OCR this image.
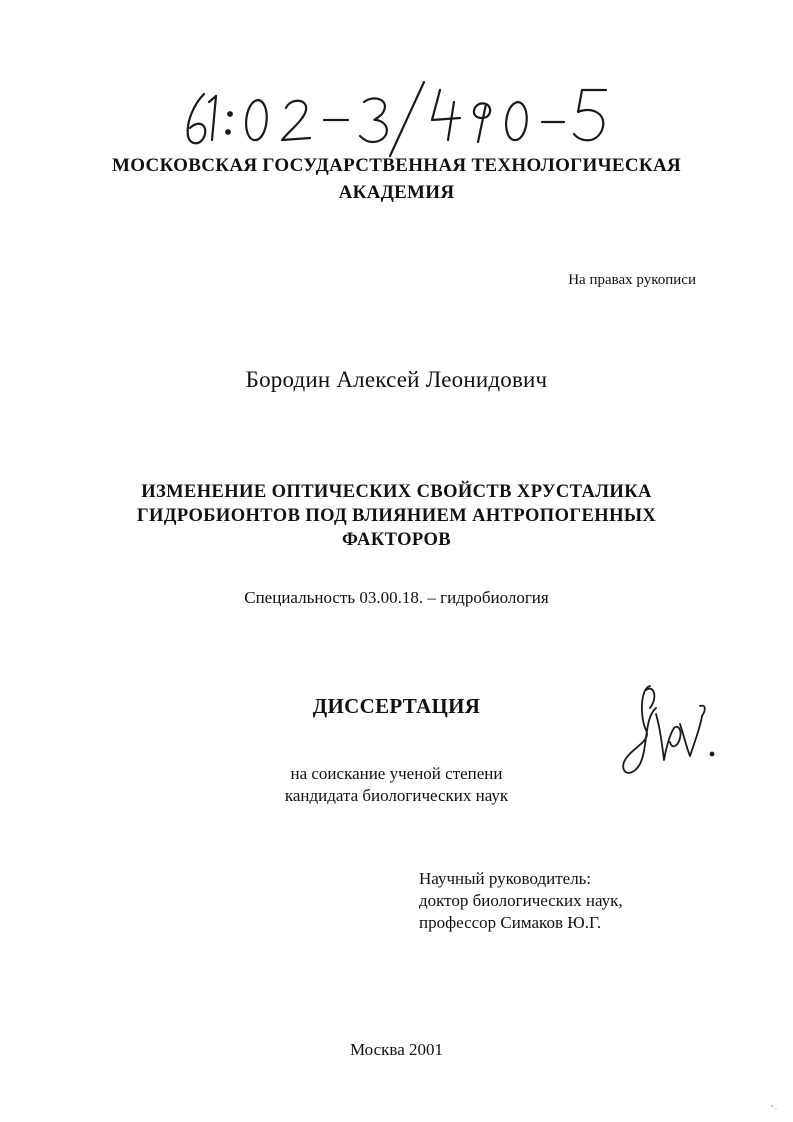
МОСКОВСКАЯ ГОСУДАРСТВЕННАЯ ТЕХНОЛОГИЧЕСКАЯ
АКАДЕМИЯ
На правах рукописи
Бородин Алексей Леонидович
ИЗМЕНЕНИЕ ОПТИЧЕСКИХ СВОЙСТВ ХРУСТАЛИКА
ГИДРОБИОНТОВ ПОД ВЛИЯНИЕМ АНТРОПОГЕННЫХ
ФАКТОРОВ
Специальность 03.00.18. – гидробиология
ДИССЕРТАЦИЯ
на соискание ученой степени
кандидата биологических наук
Научный руководитель:
доктор биологических наук,
профессор Симаков Ю.Г.
Москва 2001
